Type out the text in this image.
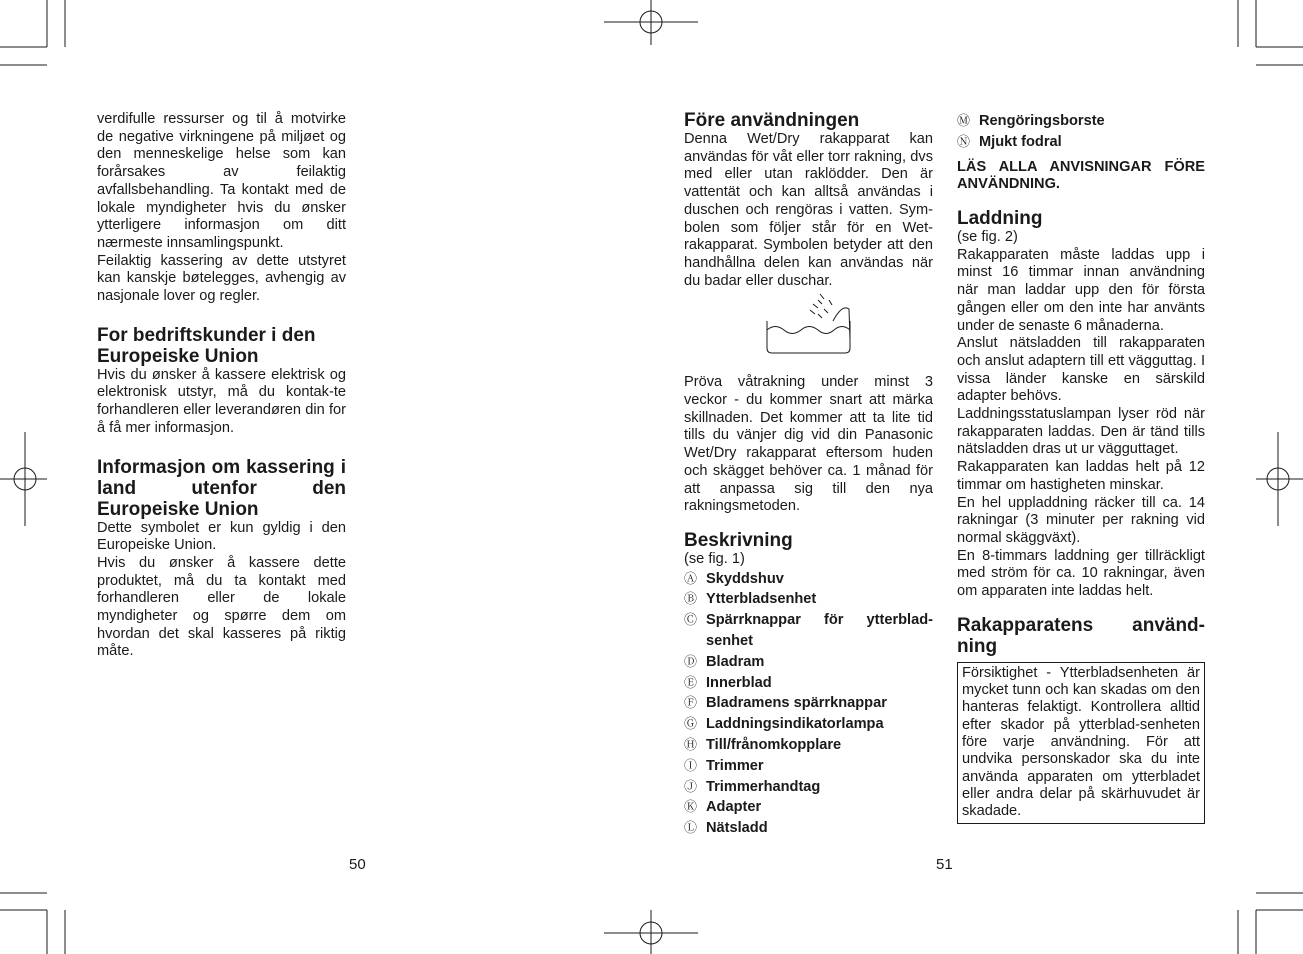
verdifulle ressurser og til å motvirke de negative virkningene på miljøet og den menneskelige helse som kan forårsakes av feilaktig avfallsbehandling. Ta kontakt med de lokale myndigheter hvis du ønsker ytterligere informasjon om ditt nærmeste innsamlingspunkt.

Feilaktig kassering av dette utstyret kan kanskje bøtelegges, avhengig av nasjonale lover og regler.

For bedriftskunder i den Europeiske Union

Hvis du ønsker å kassere elektrisk og elektronisk utstyr, må du kontak-te forhandleren eller leverandøren din for å få mer informasjon.

Informasjon om kassering i land utenfor den Europeiske Union

Dette symbolet er kun gyldig i den Europeiske Union.

Hvis du ønsker å kassere dette produktet, må du ta kontakt med forhandleren eller de lokale myndigheter og spørre dem om hvordan det skal kasseres på riktig måte.

50
Före användningen

Denna Wet/Dry rakapparat kan användas för våt eller torr rakning, dvs med eller utan raklödder. Den är vattentät och kan alltså användas i duschen och rengöras i vatten. Sym-bolen som följer står för en Wet-rakapparat. Symbolen betyder att den handhållna delen kan användas när du badar eller duschar.

Pröva våtrakning under minst 3 veckor - du kommer snart att märka skillnaden. Det kommer att ta lite tid tills du vänjer dig vid din Panasonic Wet/Dry rakapparat eftersom huden och skägget behöver ca. 1 månad för att anpassa sig till den nya rakningsmetoden.

Beskrivning
(se fig. 1)
Ⓐ Skyddshuv
Ⓑ Ytterbladsenhet
Ⓒ Spärrknappar för ytterblad-senhet
Ⓓ Bladram
Ⓔ Innerblad
Ⓕ Bladramens spärrknappar
Ⓖ Laddningsindikatorlampa
Ⓗ Till/frånomkopplare
Ⓘ Trimmer
Ⓙ Trimmerhandtag
Ⓚ Adapter
Ⓛ Nätsladd
51
Ⓜ Rengöringsborste
Ⓝ Mjukt fodral

LÄS ALLA ANVISNINGAR FÖRE ANVÄNDNING.

Laddning
(se fig. 2)

Rakapparaten måste laddas upp i minst 16 timmar innan användning när man laddar upp den för första gången eller om den inte har använts under de senaste 6 månaderna.

Anslut nätsladden till rakapparaten och anslut adaptern till ett vägguttag. I vissa länder kanske en särskild adapter behövs.

Laddningsstatuslampan lyser röd när rakapparaten laddas. Den är tänd tills nätsladden dras ut ur vägguttaget.

Rakapparaten kan laddas helt på 12 timmar om hastigheten minskar.

En hel uppladdning räcker till ca. 14 rakningar (3 minuter per rakning vid normal skäggväxt).

En 8-timmars laddning ger tillräckligt med ström för ca. 10 rakningar, även om apparaten inte laddas helt.

Rakapparatens använd-ning
Försiktighet - Ytterbladsenheten är mycket tunn och kan skadas om den hanteras felaktigt. Kontrollera alltid efter skador på ytterblad-senheten före varje användning. För att undvika personskador ska du inte använda apparaten om ytterbladet eller andra delar på skärhuvudet är skadade.
